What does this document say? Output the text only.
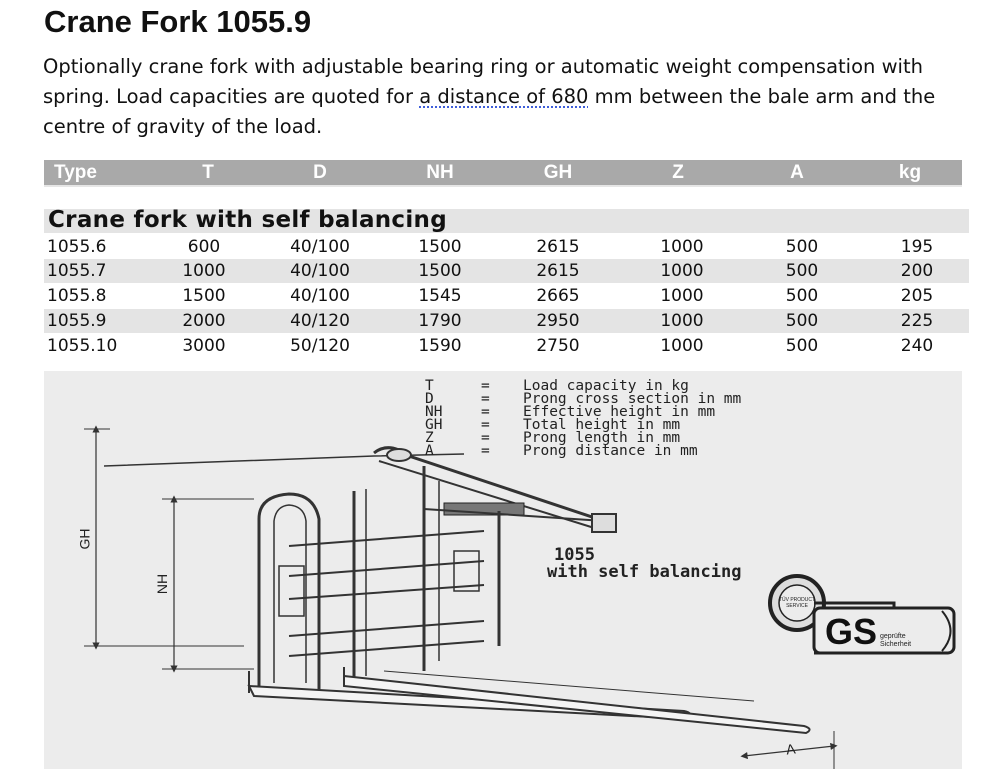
Crane Fork 1055.9

Optionally crane fork with adjustable bearing ring or automatic weight compensation with spring. Load capacities are quoted for a distance of 680 mm between the bale arm and the centre of gravity of the load.

Type	T	D	NH	GH	Z	A	kg
Crane fork with self balancing
1055.6	600	40/100	1500	2615	1000	500	195
1055.7	1000	40/100	1500	2615	1000	500	200
1055.8	1500	40/100	1545	2665	1000	500	205
1055.9	2000	40/120	1790	2950	1000	500	225
1055.10	3000	50/120	1590	2750	1000	500	240
GS geprüfte
Sicherheit
TÜV PRODUCT SERVICE
GH
NH
A
T	= Load capacity in kg
D	= Prong cross section in mm
NH	= Effective height in mm
GH	= Total height in mm
Z	= Prong length in mm
A	= Prong distance in mm
1055
with self balancing
